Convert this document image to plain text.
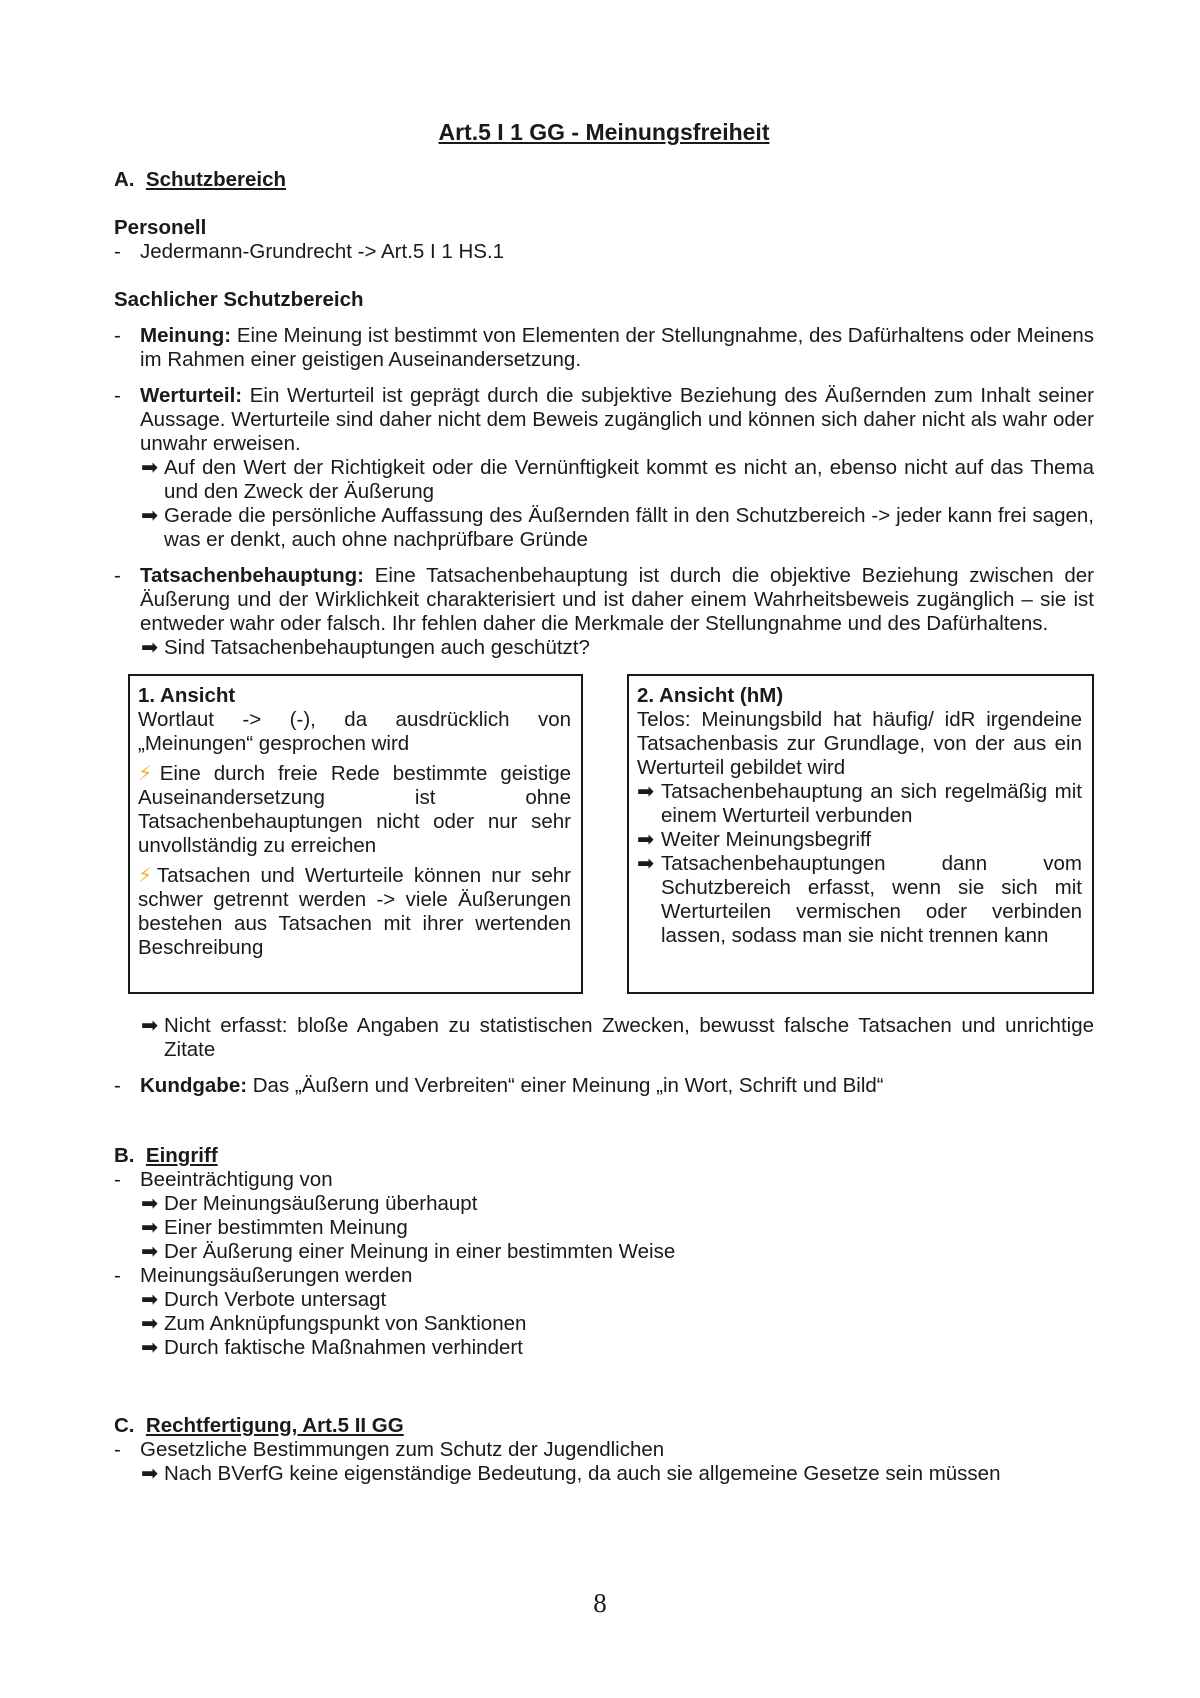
Art.5 I 1 GG - Meinungsfreiheit
A. Schutzbereich
Personell
- Jedermann-Grundrecht -> Art.5 I 1 HS.1
Sachlicher Schutzbereich
- Meinung: Eine Meinung ist bestimmt von Elementen der Stellungnahme, des Dafürhaltens oder Meinens im Rahmen einer geistigen Auseinandersetzung.
- Werturteil: Ein Werturteil ist geprägt durch die subjektive Beziehung des Äußernden zum Inhalt seiner Aussage. Werturteile sind daher nicht dem Beweis zugänglich und können sich daher nicht als wahr oder unwahr erweisen.
➡ Auf den Wert der Richtigkeit oder die Vernünftigkeit kommt es nicht an, ebenso nicht auf das Thema und den Zweck der Äußerung
➡ Gerade die persönliche Auffassung des Äußernden fällt in den Schutzbereich -> jeder kann frei sagen, was er denkt, auch ohne nachprüfbare Gründe
- Tatsachenbehauptung: Eine Tatsachenbehauptung ist durch die objektive Beziehung zwischen der Äußerung und der Wirklichkeit charakterisiert und ist daher einem Wahrheitsbeweis zugänglich – sie ist entweder wahr oder falsch. Ihr fehlen daher die Merkmale der Stellungnahme und des Dafürhaltens.
➡ Sind Tatsachenbehauptungen auch geschützt?
1. Ansicht
Wortlaut -> (-), da ausdrücklich von „Meinungen“ gesprochen wird
⚡Eine durch freie Rede bestimmte geistige Auseinandersetzung ist ohne Tatsachenbehauptungen nicht oder nur sehr unvollständig zu erreichen
⚡Tatsachen und Werturteile können nur sehr schwer getrennt werden -> viele Äußerungen bestehen aus Tatsachen mit ihrer wertenden Beschreibung
2. Ansicht (hM)
Telos: Meinungsbild hat häufig/ idR irgendeine Tatsachenbasis zur Grundlage, von der aus ein Werturteil gebildet wird
➡ Tatsachenbehauptung an sich regelmäßig mit einem Werturteil verbunden
➡ Weiter Meinungsbegriff
➡ Tatsachenbehauptungen dann vom Schutzbereich erfasst, wenn sie sich mit Werturteilen vermischen oder verbinden lassen, sodass man sie nicht trennen kann
➡ Nicht erfasst: bloße Angaben zu statistischen Zwecken, bewusst falsche Tatsachen und unrichtige Zitate
- Kundgabe: Das „Äußern und Verbreiten“ einer Meinung „in Wort, Schrift und Bild“
B. Eingriff
- Beeinträchtigung von
➡ Der Meinungsäußerung überhaupt
➡ Einer bestimmten Meinung
➡ Der Äußerung einer Meinung in einer bestimmten Weise
- Meinungsäußerungen werden
➡ Durch Verbote untersagt
➡ Zum Anknüpfungspunkt von Sanktionen
➡ Durch faktische Maßnahmen verhindert
C. Rechtfertigung, Art.5 II GG
- Gesetzliche Bestimmungen zum Schutz der Jugendlichen
➡ Nach BVerfG keine eigenständige Bedeutung, da auch sie allgemeine Gesetze sein müssen
8
